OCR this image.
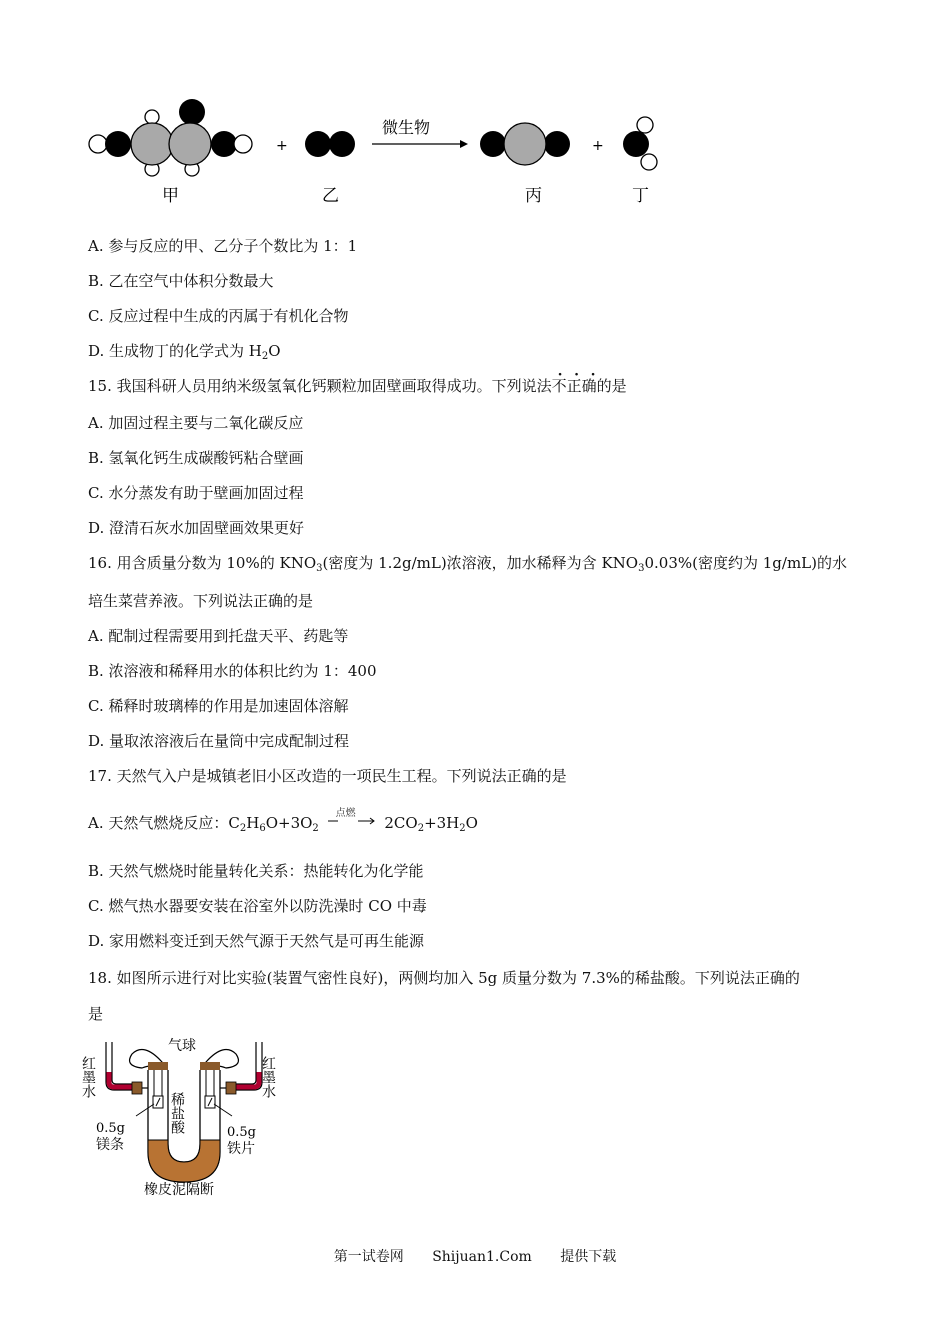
+
微生物
+
甲	乙	丙	丁
A. 参与反应的甲、乙分子个数比为 1：1
B. 乙在空气中体积分数最大
C. 反应过程中生成的丙属于有机化合物
D. 生成物丁的化学式为 $H_2O$
15. 我国科研人员用纳米级氢氧化钙颗粒加固壁画取得成功。下列说法·  ·  · 不正确的是
A. 加固过程主要与二氧化碳反应
B. 氢氧化钙生成碳酸钙粘合壁画
C. 水分蒸发有助于壁画加固过程
D. 澄清石灰水加固壁画效果更好
16. 用含质量分数为 10%的 $KNO_3$(密度为 1.2g/mL)浓溶液，加水稀释为含 $KNO_30.03\%$(密度约为 1g/mL)的水
培生菜营养液。下列说法正确的是
A. 配制过程需要用到托盘天平、药匙等
B. 浓溶液和稀释用水的体积比约为 1：400
C. 稀释时玻璃棒的作用是加速固体溶解
D. 量取浓溶液后在量筒中完成配制过程
17. 天然气入户是城镇老旧小区改造的一项民生工程。下列说法正确的是
A. 天然气燃烧反应：$C_2H_6O+3O_2$
点燃
$2CO_2+3H_2O$
B. 天然气燃烧时能量转化关系：热能转化为化学能
C. 燃气热水器要安装在浴室外以防洗澡时 CO 中毒
D. 家用燃料变迁到天然气源于天然气是可再生能源
18. 如图所示进行对比实验(装置气密性良好)，两侧均加入 5g 质量分数为 7.3%的稀盐酸。下列说法正确的
是
气球
红墨水	红墨水
稀盐酸
0.5g
镁条
0.5g
铁片
橡皮泥隔断
第一试卷网 Shijuan1.Com 提供下载
